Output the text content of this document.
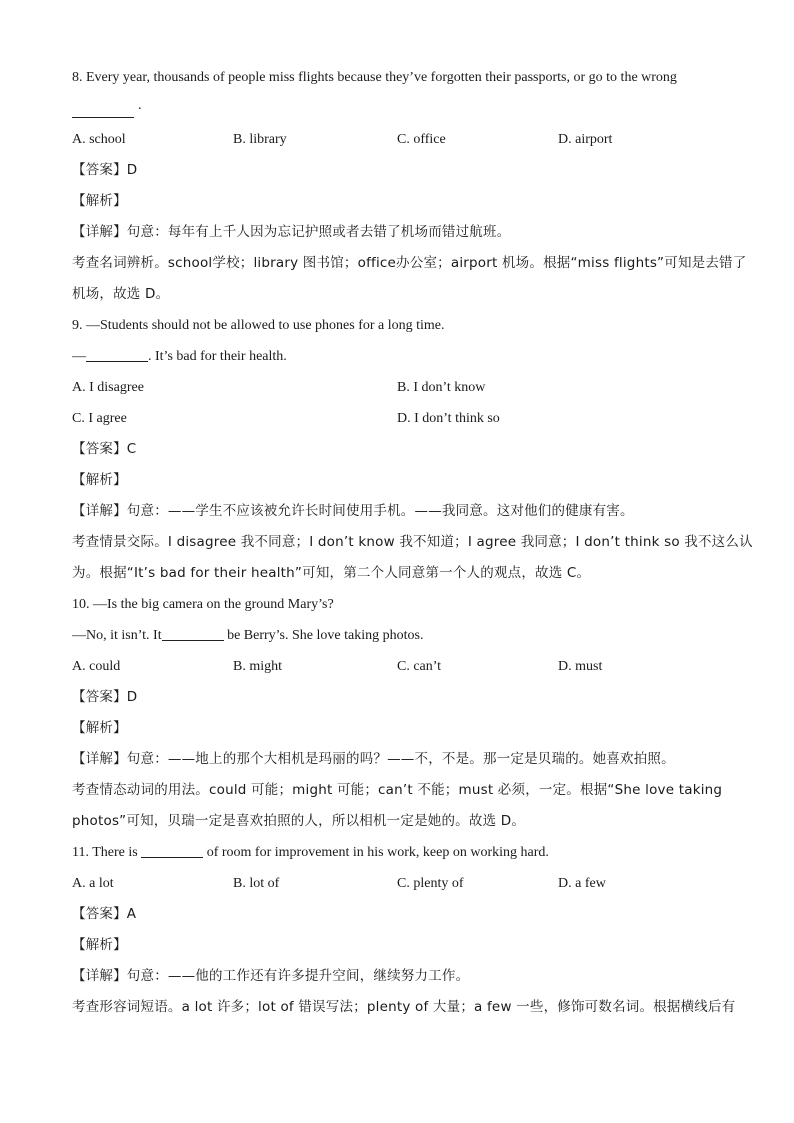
8. Every year, thousands of people miss flights because they’ve forgotten their passports, or go to the wrong
.
A. school	B. library	C. office	D. airport
【答案】D
【解析】
【详解】句意：每年有上千人因为忘记护照或者去错了机场而错过航班。
考查名词辨析。school学校；library 图书馆；office办公室；airport 机场。根据“miss flights”可知是去错了
机场，故选 D。
9. —Students should not be allowed to use phones for a long time.
—	. It’s bad for their health.
A. I disagree	B. I don’t know
C. I agree	D. I don’t think so
【答案】C
【解析】
【详解】句意：——学生不应该被允许长时间使用手机。——我同意。这对他们的健康有害。
考查情景交际。I disagree 我不同意；I don’t know 我不知道；I agree 我同意；I don’t think so 我不这么认
为。根据“It’s bad for their health”可知，第二个人同意第一个人的观点，故选 C。
10. —Is the big camera on the ground Mary’s?
—No, it isn’t. It	be Berry’s. She love taking photos.
A. could	B. might	C. can’t	D. must
【答案】D
【解析】
【详解】句意：——地上的那个大相机是玛丽的吗？——不，不是。那一定是贝瑞的。她喜欢拍照。
考查情态动词的用法。could 可能；might 可能；can’t 不能；must 必须，一定。根据“She love taking
photos”可知，贝瑞一定是喜欢拍照的人，所以相机一定是她的。故选 D。
11. There is	of room for improvement in his work, keep on working hard.
A. a lot	B. lot of	C. plenty of	D. a few
【答案】A
【解析】
【详解】句意：——他的工作还有许多提升空间，继续努力工作。
考查形容词短语。a lot 许多；lot of 错误写法；plenty of 大量；a few 一些，修饰可数名词。根据横线后有
